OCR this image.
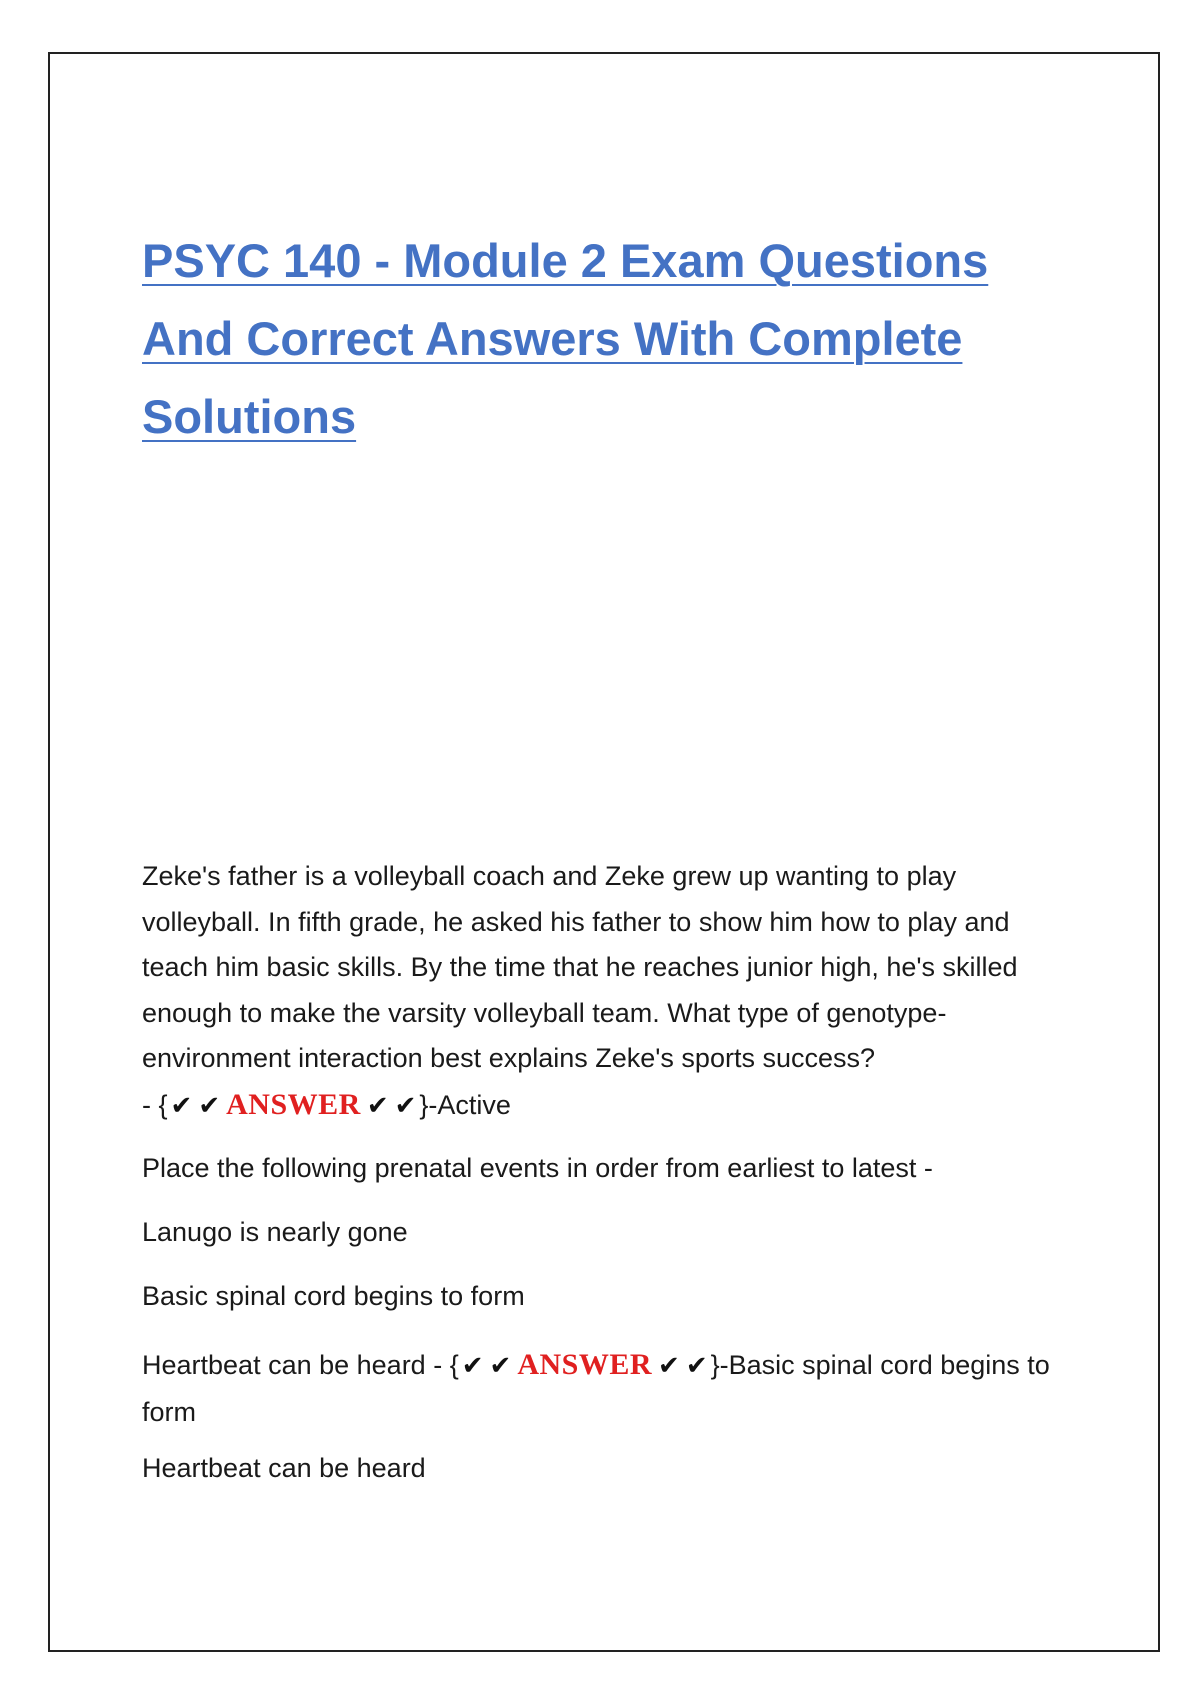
PSYC 140 - Module 2 Exam Questions And Correct Answers With Complete Solutions

Zeke's father is a volleyball coach and Zeke grew up wanting to play volleyball. In fifth grade, he asked his father to show him how to play and teach him basic skills. By the time that he reaches junior high, he's skilled enough to make the varsity volleyball team. What type of genotype- environment interaction best explains Zeke's sports success?
- { ✔ ✔ ANSWER ✔ ✔ }-Active

Place the following prenatal events in order from earliest to latest -

Lanugo is nearly gone

Basic spinal cord begins to form

Heartbeat can be heard - { ✔ ✔ ANSWER ✔ ✔ }-Basic spinal cord begins to form

Heartbeat can be heard
